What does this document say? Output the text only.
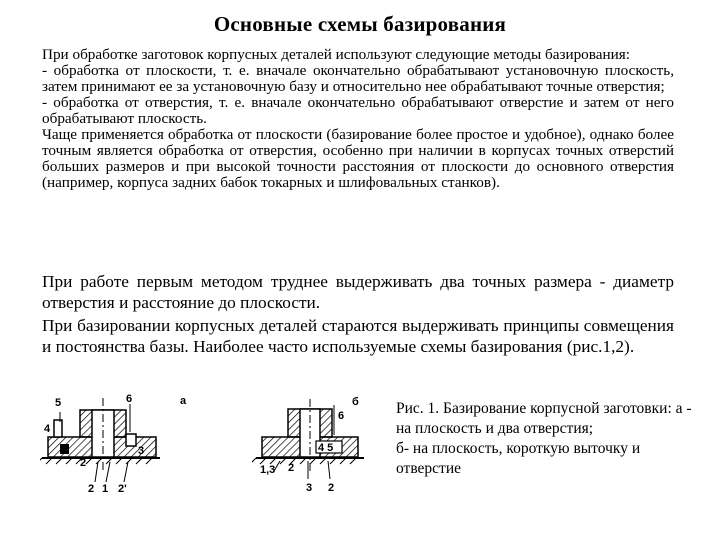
Основные схемы базирования

При обработке заготовок корпусных деталей используют следующие методы базирования:

- обработка от плоскости, т. е. вначале окончательно обрабатывают установочную плоскость, затем принимают ее за установочную базу и относительно нее обрабатывают точные отверстия;

- обработка от отверстия, т. е. вначале окончательно обрабатывают отверстие и затем от него обрабатывают плоскость.

Чаще применяется обработка от плоскости (базирование более простое и удобное), однако более точным является обработка от отверстия, особенно при наличии в корпусах точных отверстий больших размеров и при высокой точности расстояния от плоскости до основного отверстия (например, корпуса задних бабок токарных и шлифовальных станков).

При работе первым методом труднее выдерживать два точных размера - диаметр отверстия и расстояние до плоскости.

При базировании корпусных деталей стараются выдерживать принципы совмещения и постоянства базы. Наиболее часто используемые схемы базирования (рис.1,2).

5	6
4
3
2
2 1 2'
а
6
4 5
1,3 2
3 2
б Рис. 1. Базирование корпусной заготовки: а - на плоскость и два отверстия;

б- на плоскость, короткую выточку и отверстие
